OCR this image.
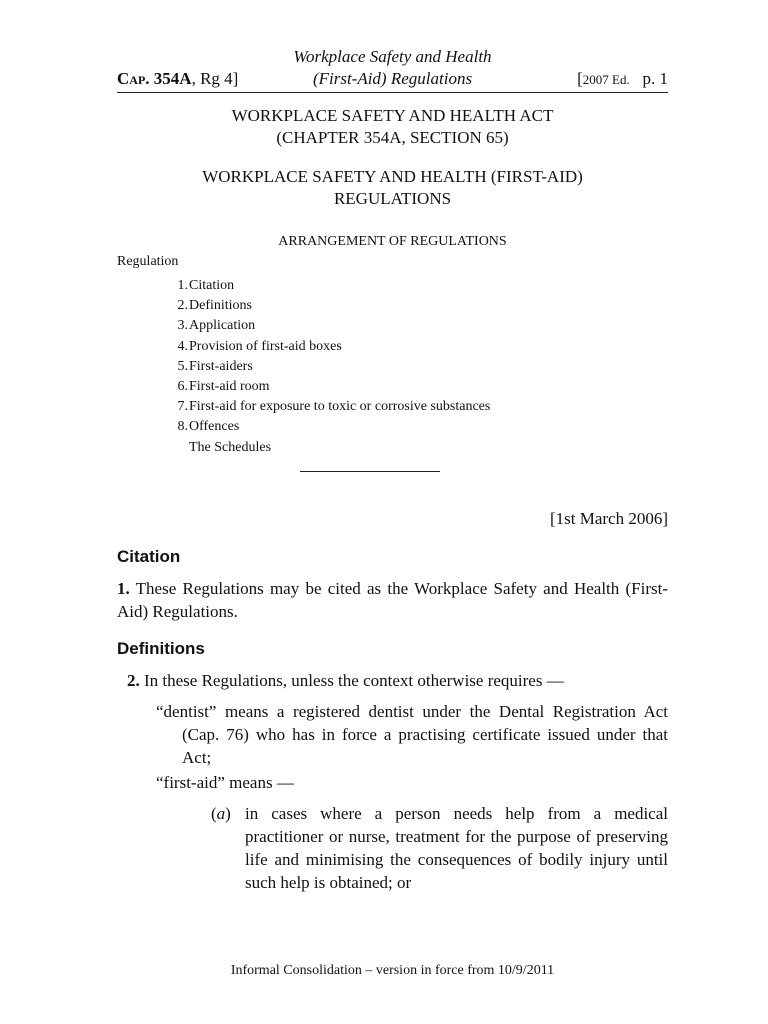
Workplace Safety and Health
Cap. 354A, Rg 4]	(First-Aid) Regulations	[2007 Ed. p. 1
WORKPLACE SAFETY AND HEALTH ACT
(CHAPTER 354A, SECTION 65)
WORKPLACE SAFETY AND HEALTH (FIRST-AID)
REGULATIONS
ARRANGEMENT OF REGULATIONS
Regulation
1. Citation
2. Definitions
3. Application
4. Provision of first-aid boxes
5. First-aiders
6. First-aid room
7. First-aid for exposure to toxic or corrosive substances
8. Offences
The Schedules
[1st March 2006]
Citation
1. These Regulations may be cited as the Workplace Safety and Health (First-Aid) Regulations.
Definitions
2. In these Regulations, unless the context otherwise requires —
“dentist” means a registered dentist under the Dental Registration Act (Cap. 76) who has in force a practising certificate issued under that Act;
“first-aid” means —
(a) in cases where a person needs help from a medical practitioner or nurse, treatment for the purpose of preserving life and minimising the consequences of bodily injury until such help is obtained; or
Informal Consolidation – version in force from 10/9/2011
